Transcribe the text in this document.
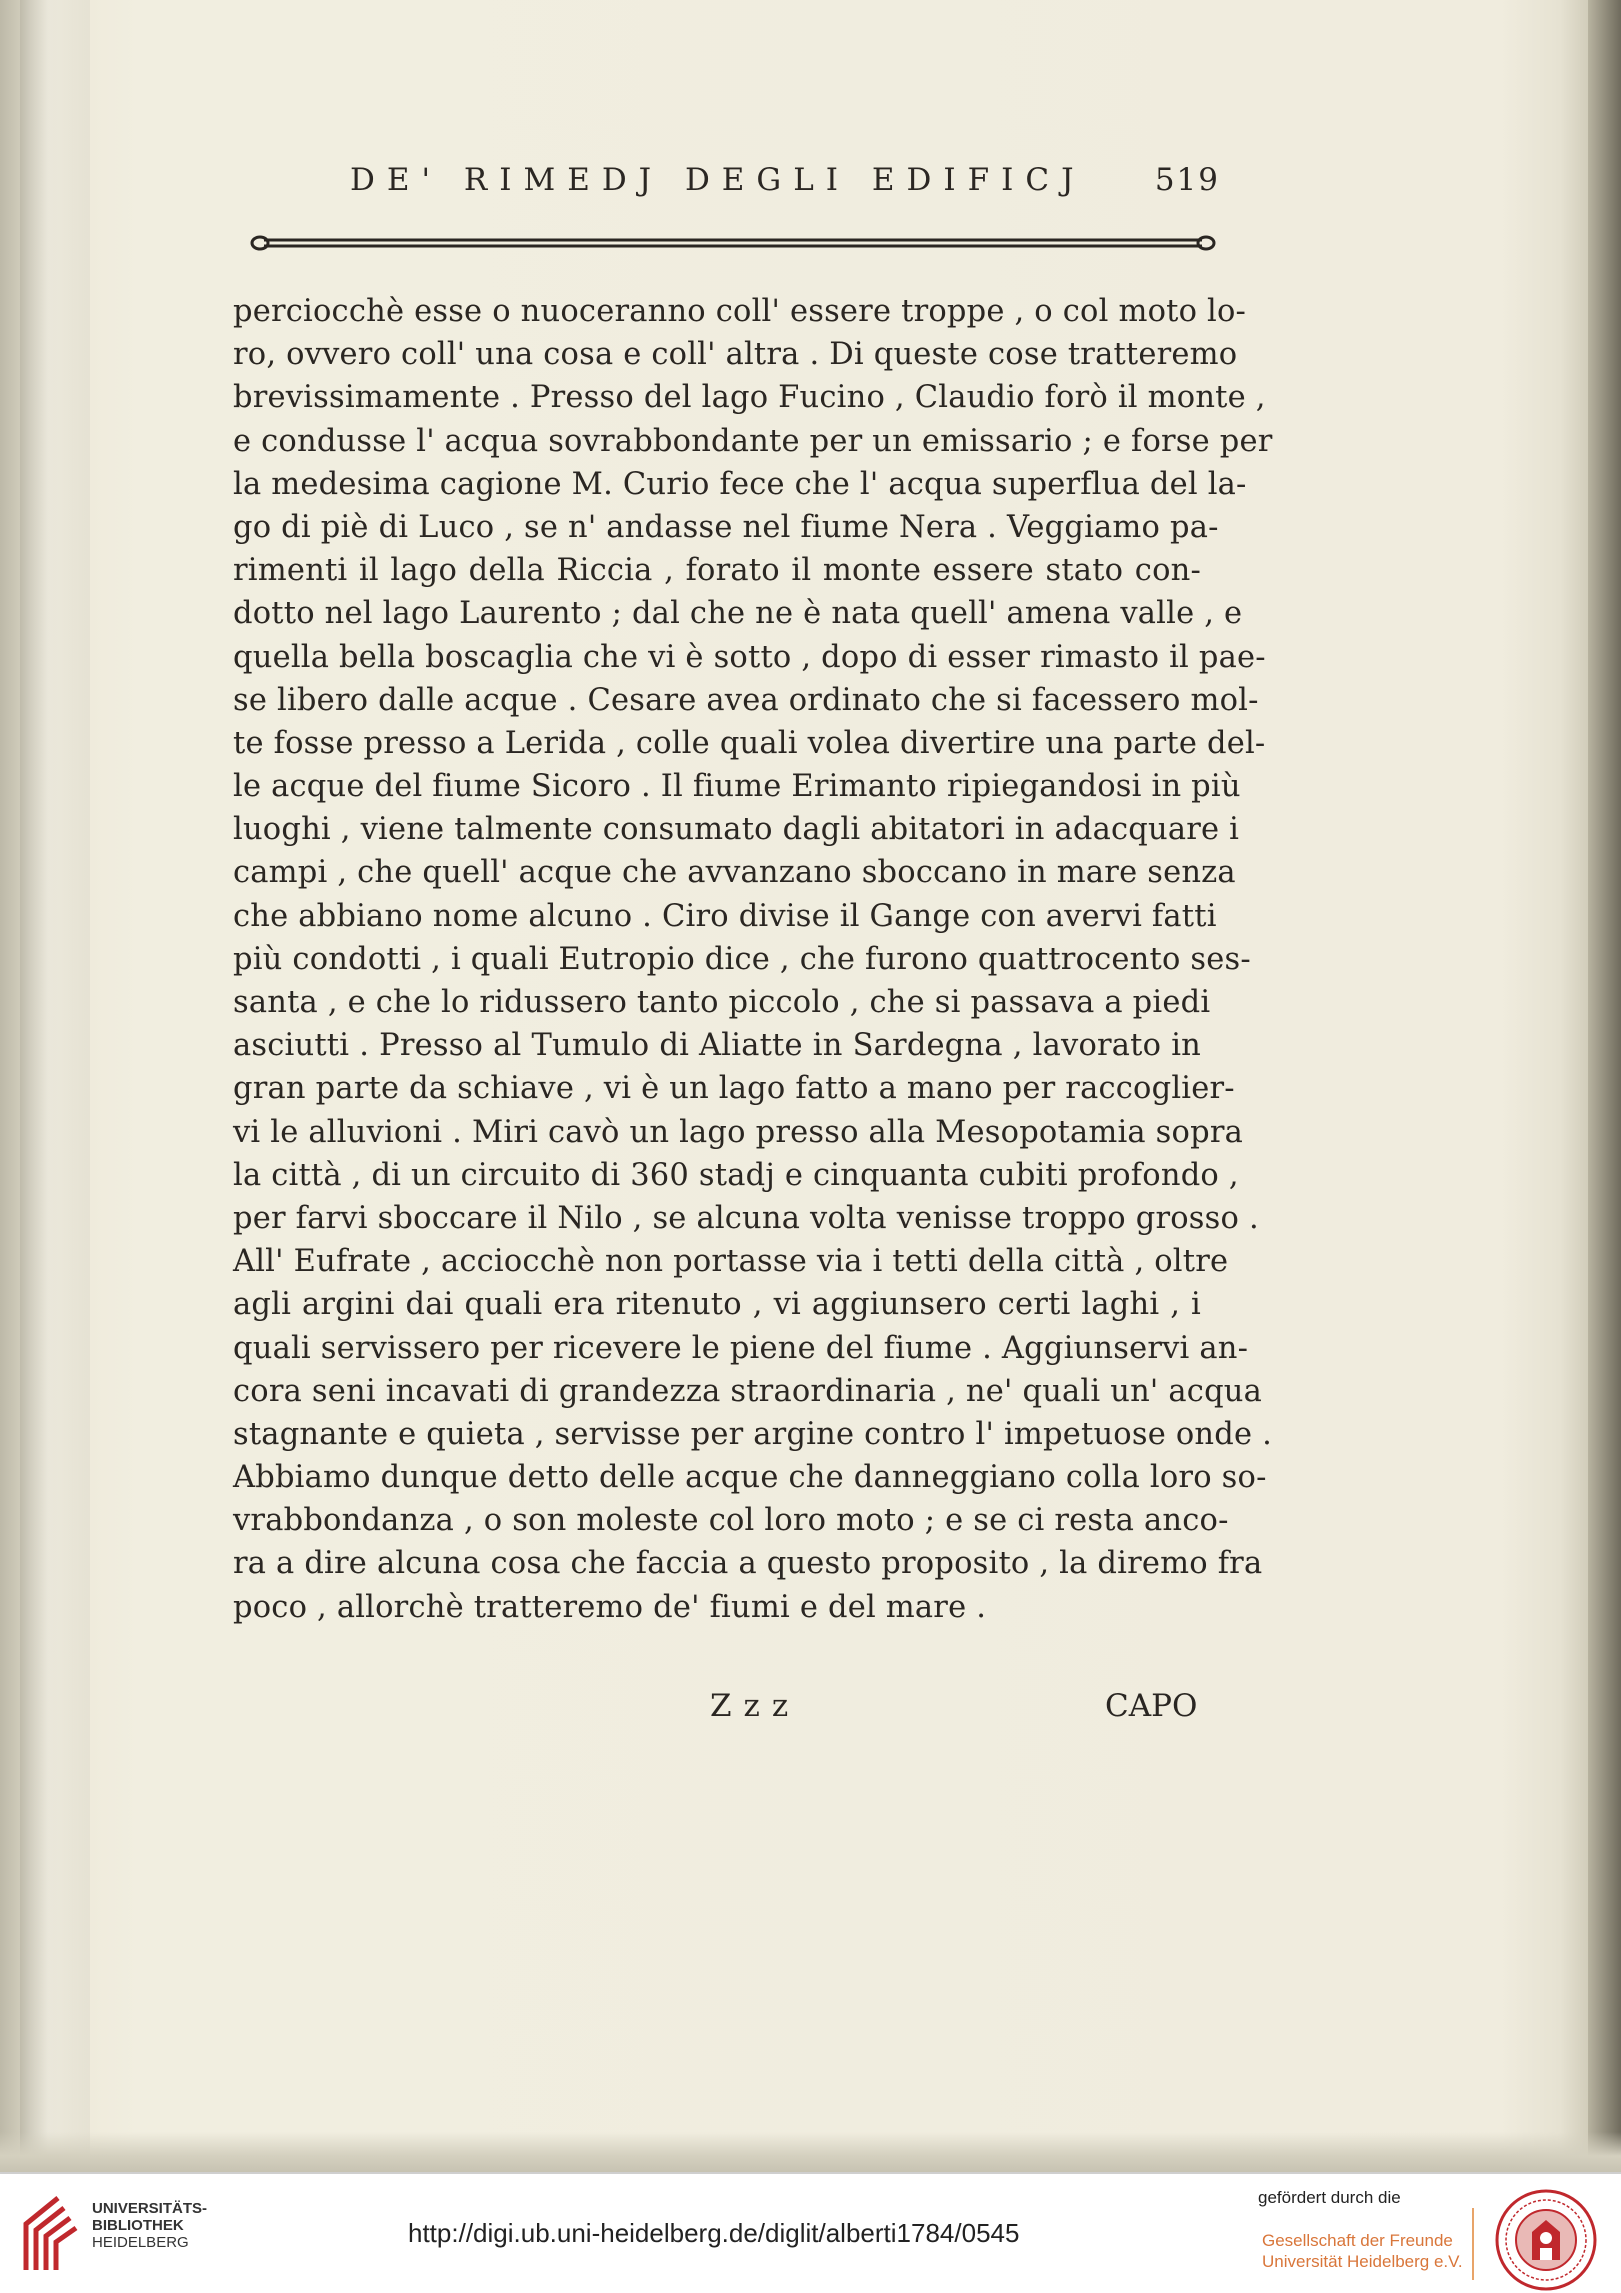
DE' RIMEDJ DEGLI EDIFICJ 519
perciocchè esse o nuoceranno coll' essere troppe , o col moto lo-
ro, ovvero coll' una cosa e coll' altra . Di queste cose tratteremo
brevissimamente . Presso del lago Fucino , Claudio forò il monte ,
e condusse l' acqua sovrabbondante per un emissario ; e forse per
la medesima cagione M. Curio fece che l' acqua superflua del la-
go di piè di Luco , se n' andasse nel fiume Nera . Veggiamo pa-
rimenti il lago della Riccia , forato il monte essere stato con-
dotto nel lago Laurento ; dal che ne è nata quell' amena valle , e
quella bella boscaglia che vi è sotto , dopo di esser rimasto il pae-
se libero dalle acque . Cesare avea ordinato che si facessero mol-
te fosse presso a Lerida , colle quali volea divertire una parte del-
le acque del fiume Sicoro . Il fiume Erimanto ripiegandosi in più
luoghi , viene talmente consumato dagli abitatori in adacquare i
campi , che quell' acque che avvanzano sboccano in mare senza
che abbiano nome alcuno . Ciro divise il Gange con avervi fatti
più condotti , i quali Eutropio dice , che furono quattrocento ses-
santa , e che lo ridussero tanto piccolo , che si passava a piedi
asciutti . Presso al Tumulo di Aliatte in Sardegna , lavorato in
gran parte da schiave , vi è un lago fatto a mano per raccoglier-
vi le alluvioni . Miri cavò un lago presso alla Mesopotamia sopra
la città , di un circuito di 360 stadj e cinquanta cubiti profondo ,
per farvi sboccare il Nilo , se alcuna volta venisse troppo grosso .
All' Eufrate , acciocchè non portasse via i tetti della città , oltre
agli argini dai quali era ritenuto , vi aggiunsero certi laghi , i
quali servissero per ricevere le piene del fiume . Aggiunservi an-
cora seni incavati di grandezza straordinaria , ne' quali un' acqua
stagnante e quieta , servisse per argine contro l' impetuose onde .
Abbiamo dunque detto delle acque che danneggiano colla loro so-
vrabbondanza , o son moleste col loro moto ; e se ci resta anco-
ra a dire alcuna cosa che faccia a questo proposito , la diremo fra
poco , allorchè tratteremo de' fiumi e del mare .
Zzz	CAPO
UNIVERSITÄTS-
BIBLIOTHEK
HEIDELBERG	http://digi.ub.uni-heidelberg.de/diglit/alberti1784/0545
gefördert durch die
Gesellschaft der Freunde
Universität Heidelberg e.V.
